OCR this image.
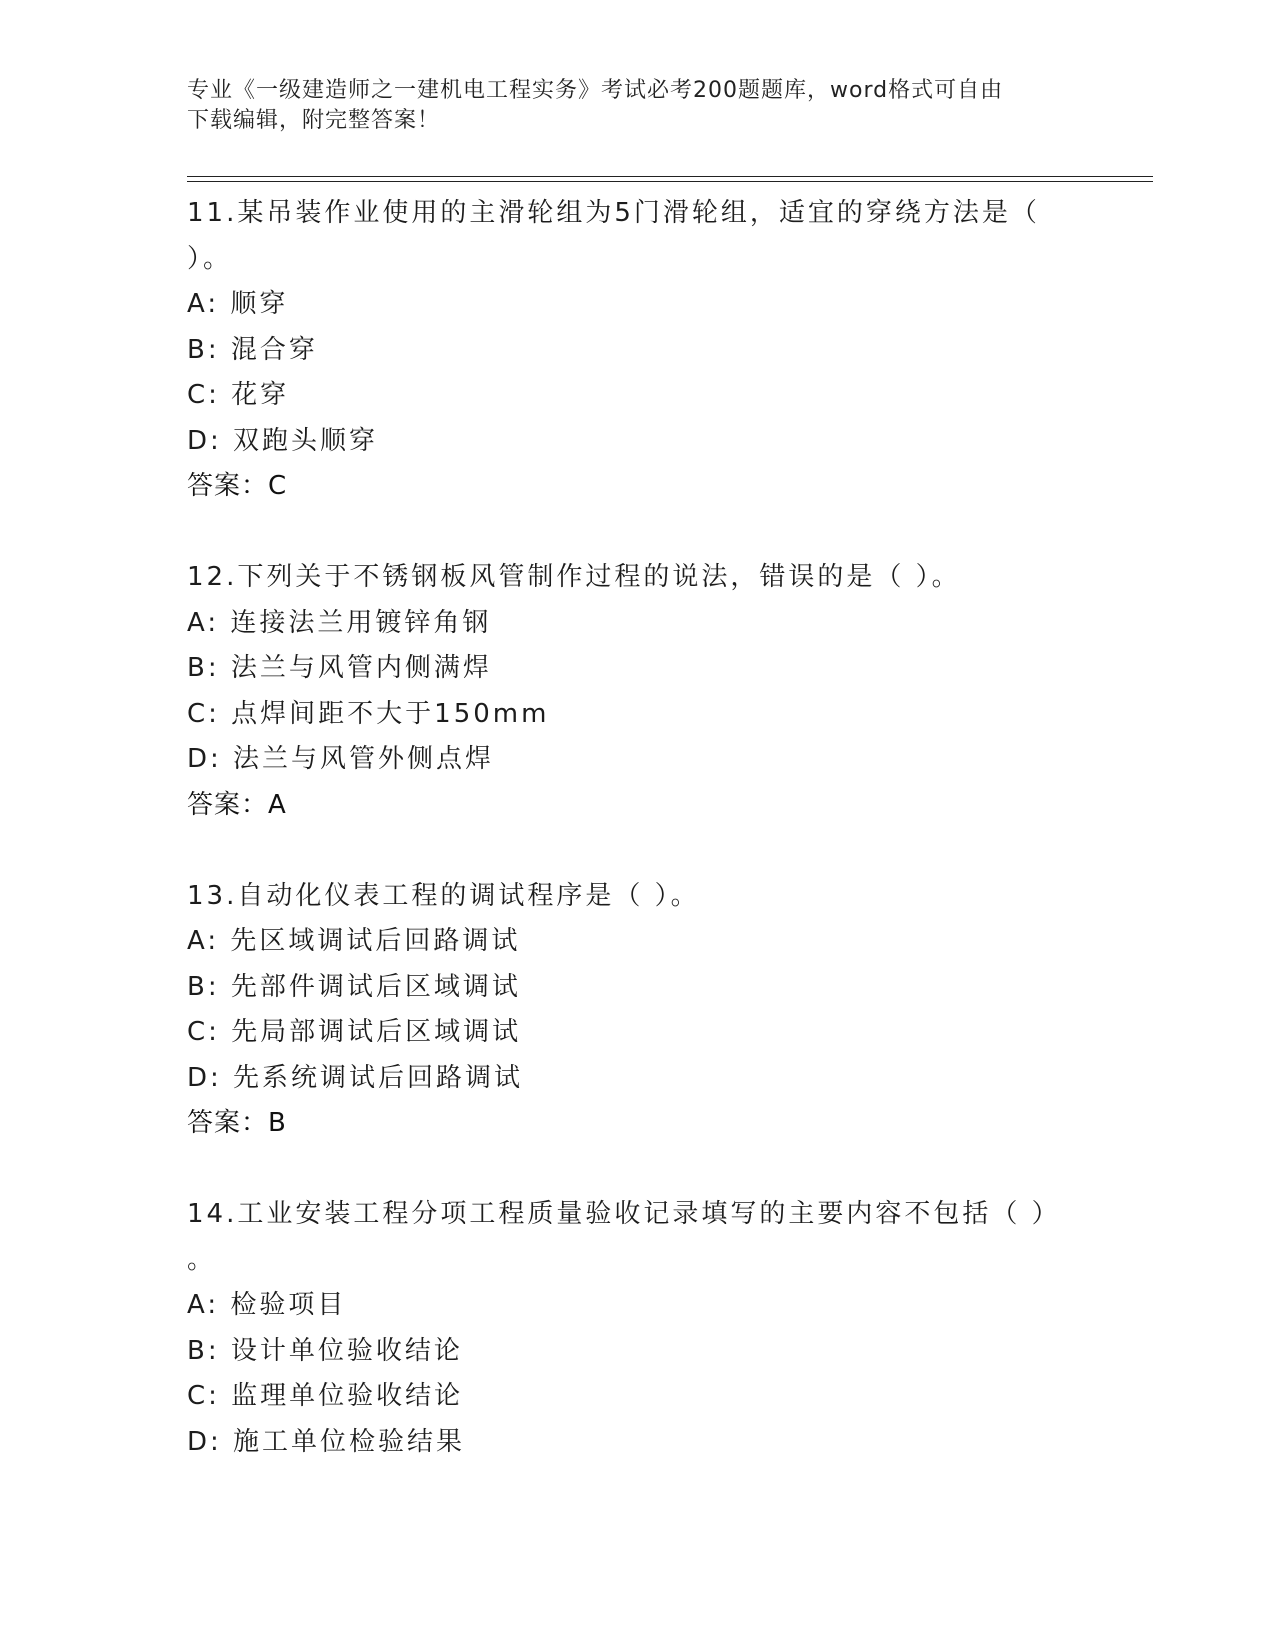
专业《一级建造师之一建机电工程实务》考试必考200题题库，word格式可自由
下载编辑，附完整答案！
11.某吊装作业使用的主滑轮组为5门滑轮组，适宜的穿绕方法是（
）。
A: 顺穿
B: 混合穿
C: 花穿
D: 双跑头顺穿
答案：C
12.下列关于不锈钢板风管制作过程的说法，错误的是（ ）。
A: 连接法兰用镀锌角钢
B: 法兰与风管内侧满焊
C: 点焊间距不大于150mm
D: 法兰与风管外侧点焊
答案：A
13.自动化仪表工程的调试程序是（ ）。
A: 先区域调试后回路调试
B: 先部件调试后区域调试
C: 先局部调试后区域调试
D: 先系统调试后回路调试
答案：B
14.工业安装工程分项工程质量验收记录填写的主要内容不包括（ ）
。
A: 检验项目
B: 设计单位验收结论
C: 监理单位验收结论
D: 施工单位检验结果
